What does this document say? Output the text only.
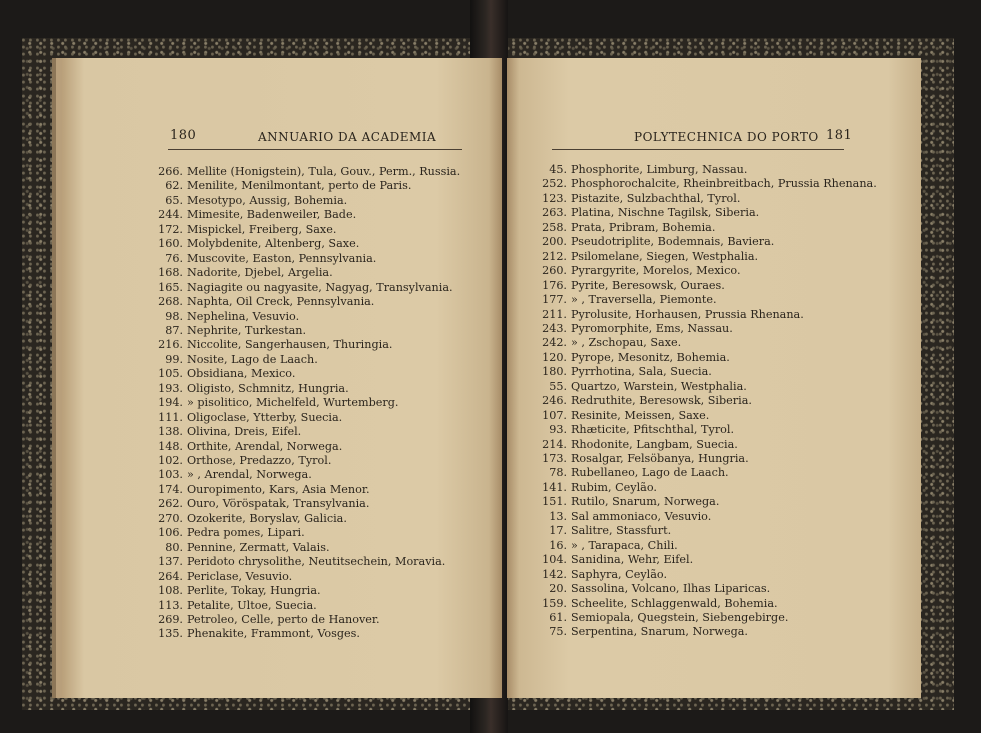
180	ANNUARIO DA ACADEMIA	POLYTECHNICA DO PORTO 181
266. Mellite (Honigstein), Tula, Gouv., Perm., Russia.
62. Menilite, Menilmontant, perto de Paris.
65. Mesotypo, Aussig, Bohemia.
244. Mimesite, Badenweiler, Bade.
172. Mispickel, Freiberg, Saxe.
160. Molybdenite, Altenberg, Saxe.
76. Muscovite, Easton, Pennsylvania.
168. Nadorite, Djebel, Argelia.
165. Nagiagite ou nagyasite, Nagyag, Transylvania.
268. Naphta, Oil Creck, Pennsylvania.
98. Nephelina, Vesuvio.
87. Nephrite, Turkestan.
216. Niccolite, Sangerhausen, Thuringia.
99. Nosite, Lago de Laach.
105. Obsidiana, Mexico.
193. Oligisto, Schmnitz, Hungria.
194. » pisolitico, Michelfeld, Wurtemberg.
111. Oligoclase, Ytterby, Suecia.
138. Olivina, Dreis, Eifel.
148. Orthite, Arendal, Norwega.
102. Orthose, Predazzo, Tyrol.
103. » , Arendal, Norwega.
174. Ouropimento, Kars, Asia Menor.
262. Ouro, Vöröspatak, Transylvania.
270. Ozokerite, Boryslav, Galicia.
106. Pedra pomes, Lipari.
80. Pennine, Zermatt, Valais.
137. Peridoto chrysolithe, Neutitsechein, Moravia.
264. Periclase, Vesuvio.
108. Perlite, Tokay, Hungria.
113. Petalite, Ultoe, Suecia.
269. Petroleo, Celle, perto de Hanover.
135. Phenakite, Frammont, Vosges.
45. Phosphorite, Limburg, Nassau.
252. Phosphorochalcite, Rheinbreitbach, Prussia Rhenana.
123. Pistazite, Sulzbachthal, Tyrol.
263. Platina, Nischne Tagilsk, Siberia.
258. Prata, Pribram, Bohemia.
200. Pseudotriplite, Bodemnais, Baviera.
212. Psilomelane, Siegen, Westphalia.
260. Pyrargyrite, Morelos, Mexico.
176. Pyrite, Beresowsk, Ouraes.
177. » , Traversella, Piemonte.
211. Pyrolusite, Horhausen, Prussia Rhenana.
243. Pyromorphite, Ems, Nassau.
242. » , Zschopau, Saxe.
120. Pyrope, Mesonitz, Bohemia.
180. Pyrrhotina, Sala, Suecia.
55. Quartzo, Warstein, Westphalia.
246. Redruthite, Beresowsk, Siberia.
107. Resinite, Meissen, Saxe.
93. Rhæticite, Pfitschthal, Tyrol.
214. Rhodonite, Langbam, Suecia.
173. Rosalgar, Felsöbanya, Hungria.
78. Rubellaneo, Lago de Laach.
141. Rubim, Ceylão.
151. Rutilo, Snarum, Norwega.
13. Sal ammoniaco, Vesuvio.
17. Salitre, Stassfurt.
16. » , Tarapaca, Chili.
104. Sanidina, Wehr, Eifel.
142. Saphyra, Ceylão.
20. Sassolina, Volcano, Ilhas Liparicas.
159. Scheelite, Schlaggenwald, Bohemia.
61. Semiopala, Quegstein, Siebengebirge.
75. Serpentina, Snarum, Norwega.
